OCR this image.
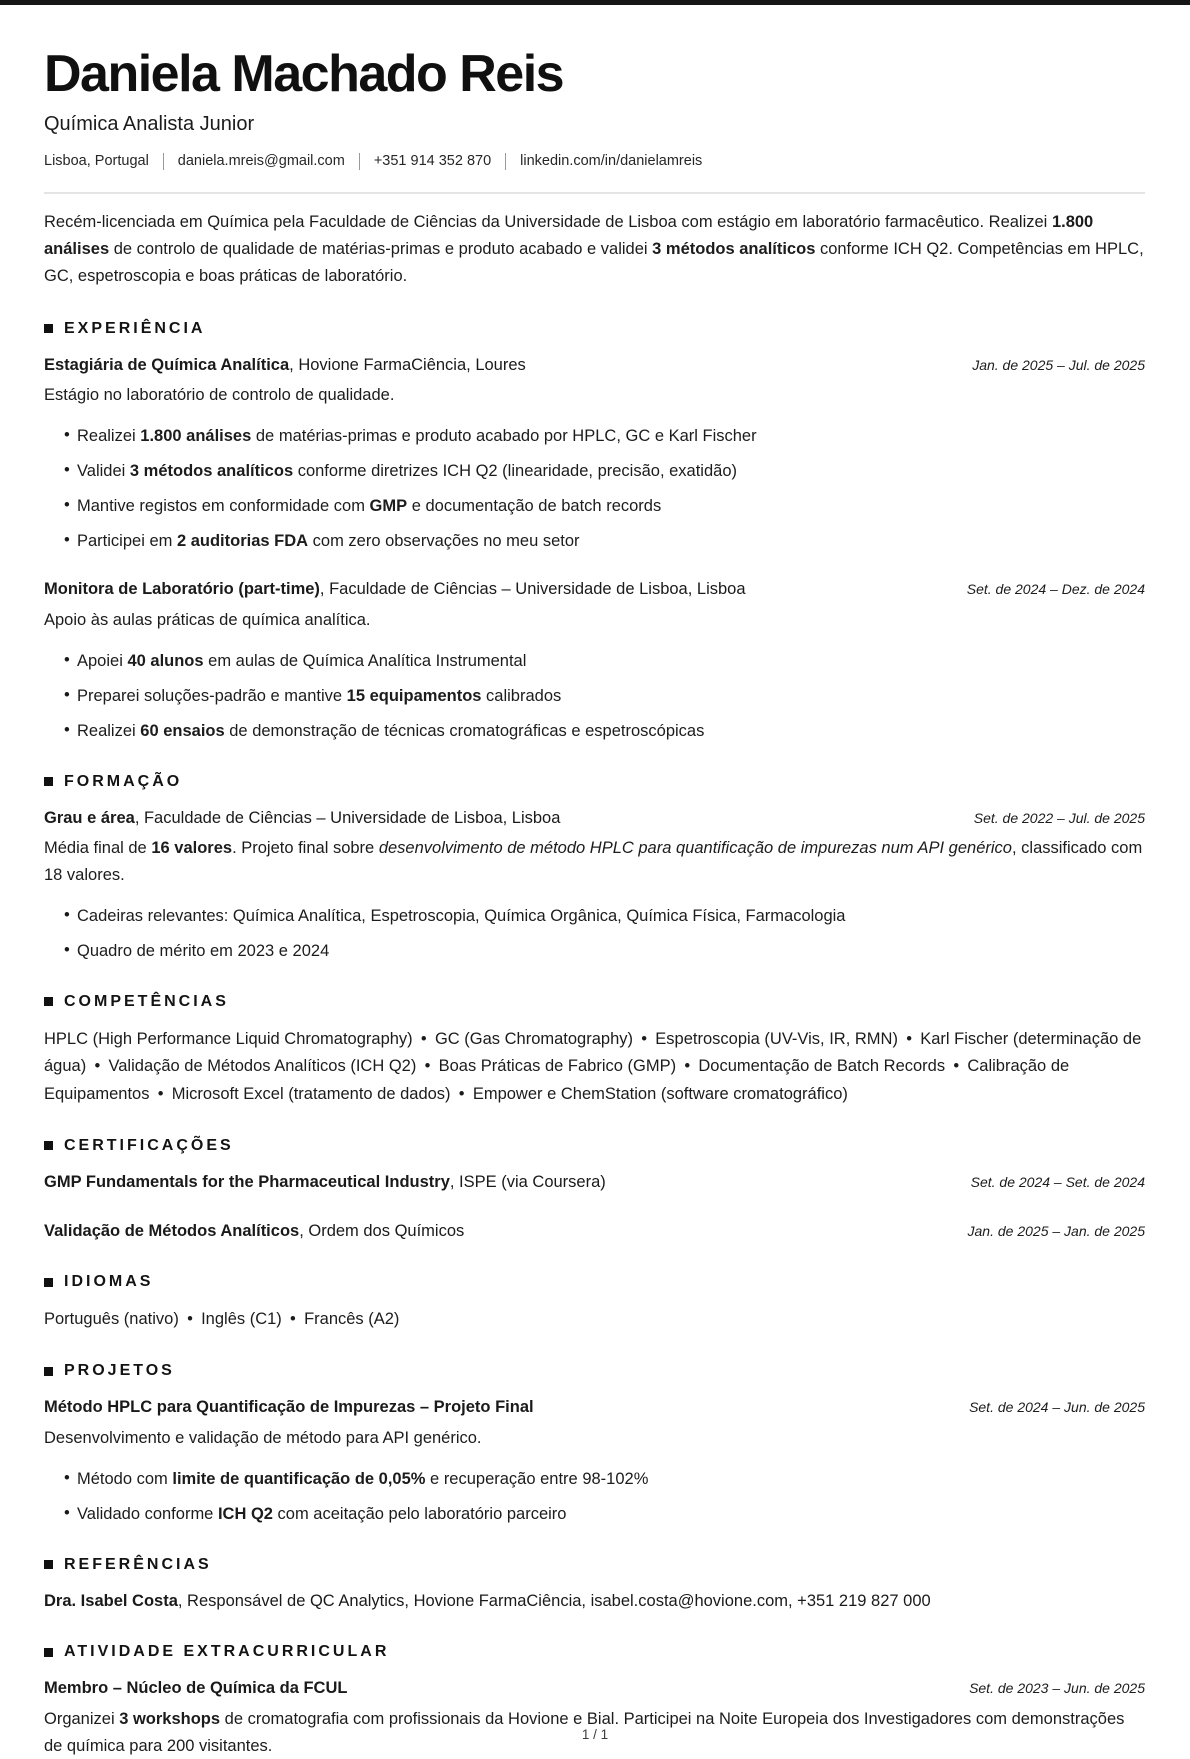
Daniela Machado Reis
Química Analista Junior
Lisboa, Portugal daniela.mreis@gmail.com +351 914 352 870 linkedin.com/in/danielamreis

Recém-licenciada em Química pela Faculdade de Ciências da Universidade de Lisboa com estágio em laboratório farmacêutico. Realizei 1.800 análises de controlo de qualidade de matérias-primas e produto acabado e validei 3 métodos analíticos conforme ICH Q2. Competências em HPLC, GC, espetroscopia e boas práticas de laboratório.

EXPERIÊNCIA
Estagiária de Química Analítica, Hovione FarmaCiência, Loures	Jan. de 2025 – Jul. de 2025

Estágio no laboratório de controlo de qualidade.

• Realizei 1.800 análises de matérias-primas e produto acabado por HPLC, GC e Karl Fischer
• Validei 3 métodos analíticos conforme diretrizes ICH Q2 (linearidade, precisão, exatidão)
• Mantive registos em conformidade com GMP e documentação de batch records
• Participei em 2 auditorias FDA com zero observações no meu setor
Monitora de Laboratório (part-time), Faculdade de Ciências – Universidade de Lisboa, Lisboa	Set. de 2024 – Dez. de 2024

Apoio às aulas práticas de química analítica.

• Apoiei 40 alunos em aulas de Química Analítica Instrumental
• Preparei soluções-padrão e mantive 15 equipamentos calibrados
• Realizei 60 ensaios de demonstração de técnicas cromatográficas e espetroscópicas
FORMAÇÃO
Grau e área, Faculdade de Ciências – Universidade de Lisboa, Lisboa	Set. de 2022 – Jul. de 2025

Média final de 16 valores. Projeto final sobre desenvolvimento de método HPLC para quantificação de impurezas num API genérico, classificado com 18 valores.

• Cadeiras relevantes: Química Analítica, Espetroscopia, Química Orgânica, Química Física, Farmacologia
• Quadro de mérito em 2023 e 2024
COMPETÊNCIAS

HPLC (High Performance Liquid Chromatography) • GC (Gas Chromatography) • Espetroscopia (UV-Vis, IR, RMN) • Karl Fischer (determinação de água) • Validação de Métodos Analíticos (ICH Q2) • Boas Práticas de Fabrico (GMP) • Documentação de Batch Records • Calibração de Equipamentos • Microsoft Excel (tratamento de dados) • Empower e ChemStation (software cromatográfico)

CERTIFICAÇÕES
GMP Fundamentals for the Pharmaceutical Industry, ISPE (via Coursera)	Set. de 2024 – Set. de 2024
Validação de Métodos Analíticos, Ordem dos Químicos	Jan. de 2025 – Jan. de 2025
IDIOMAS

Português (nativo) • Inglês (C1) • Francês (A2)

PROJETOS
Método HPLC para Quantificação de Impurezas – Projeto Final	Set. de 2024 – Jun. de 2025

Desenvolvimento e validação de método para API genérico.

• Método com limite de quantificação de 0,05% e recuperação entre 98-102%
• Validado conforme ICH Q2 com aceitação pelo laboratório parceiro
REFERÊNCIAS
Dra. Isabel Costa, Responsável de QC Analytics, Hovione FarmaCiência, isabel.costa@hovione.com, +351 219 827 000
ATIVIDADE EXTRACURRICULAR
Membro – Núcleo de Química da FCUL	Set. de 2023 – Jun. de 2025

Organizei 3 workshops de cromatografia com profissionais da Hovione e Bial. Participei na Noite Europeia dos Investigadores com demonstrações de química para 200 visitantes.

1 / 1
